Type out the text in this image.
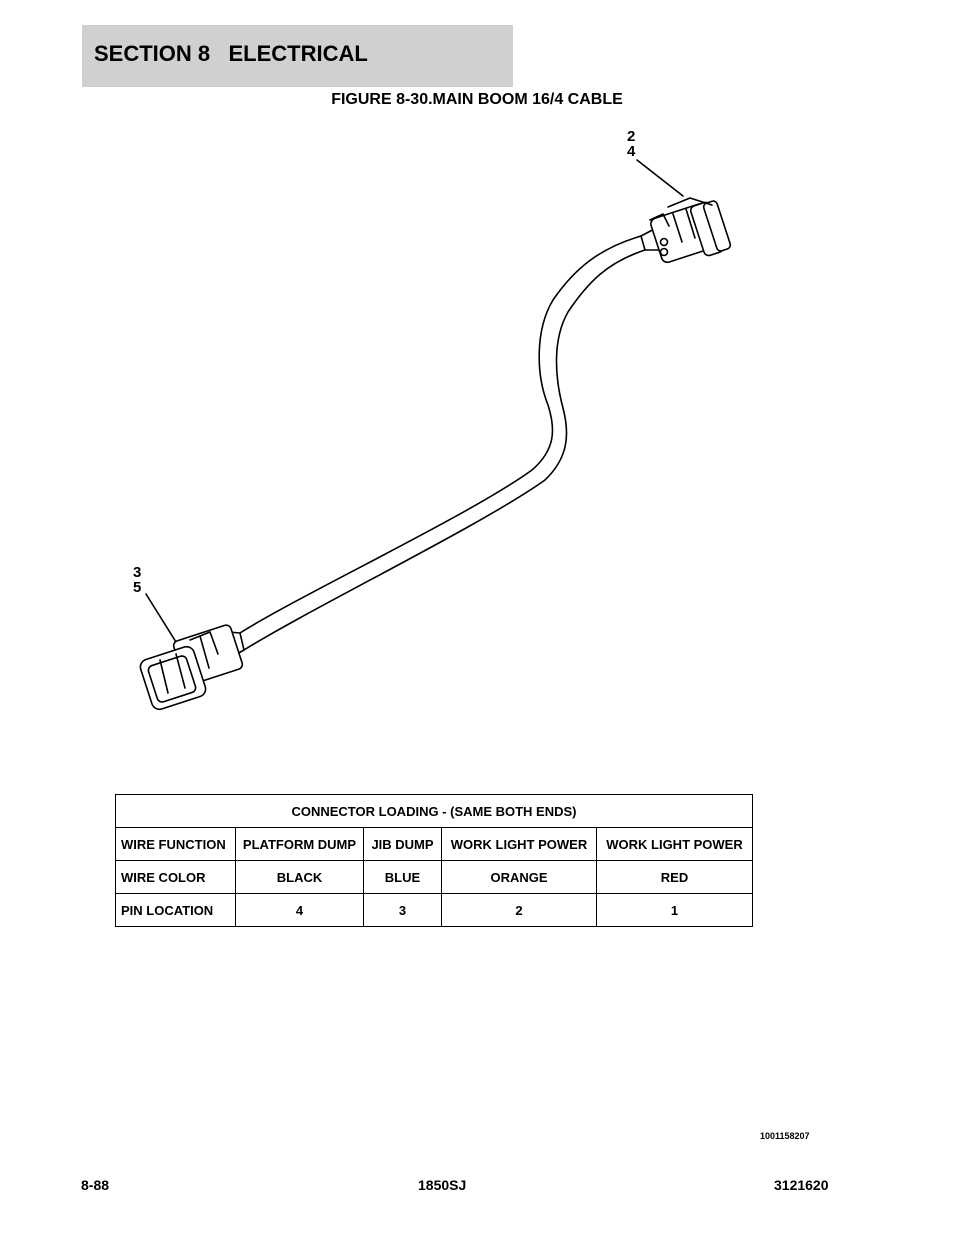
SECTION 8   ELECTRICAL
FIGURE 8-30.MAIN BOOM 16/4 CABLE
2
4
3
5
CONNECTOR LOADING - (SAME BOTH ENDS)				
WIRE FUNCTION	PLATFORM DUMP	JIB DUMP	WORK LIGHT POWER	WORK LIGHT POWER
WIRE COLOR	BLACK	BLUE	ORANGE	RED
PIN LOCATION	4	3	2	1
1001158207
8-88	1850SJ	3121620
